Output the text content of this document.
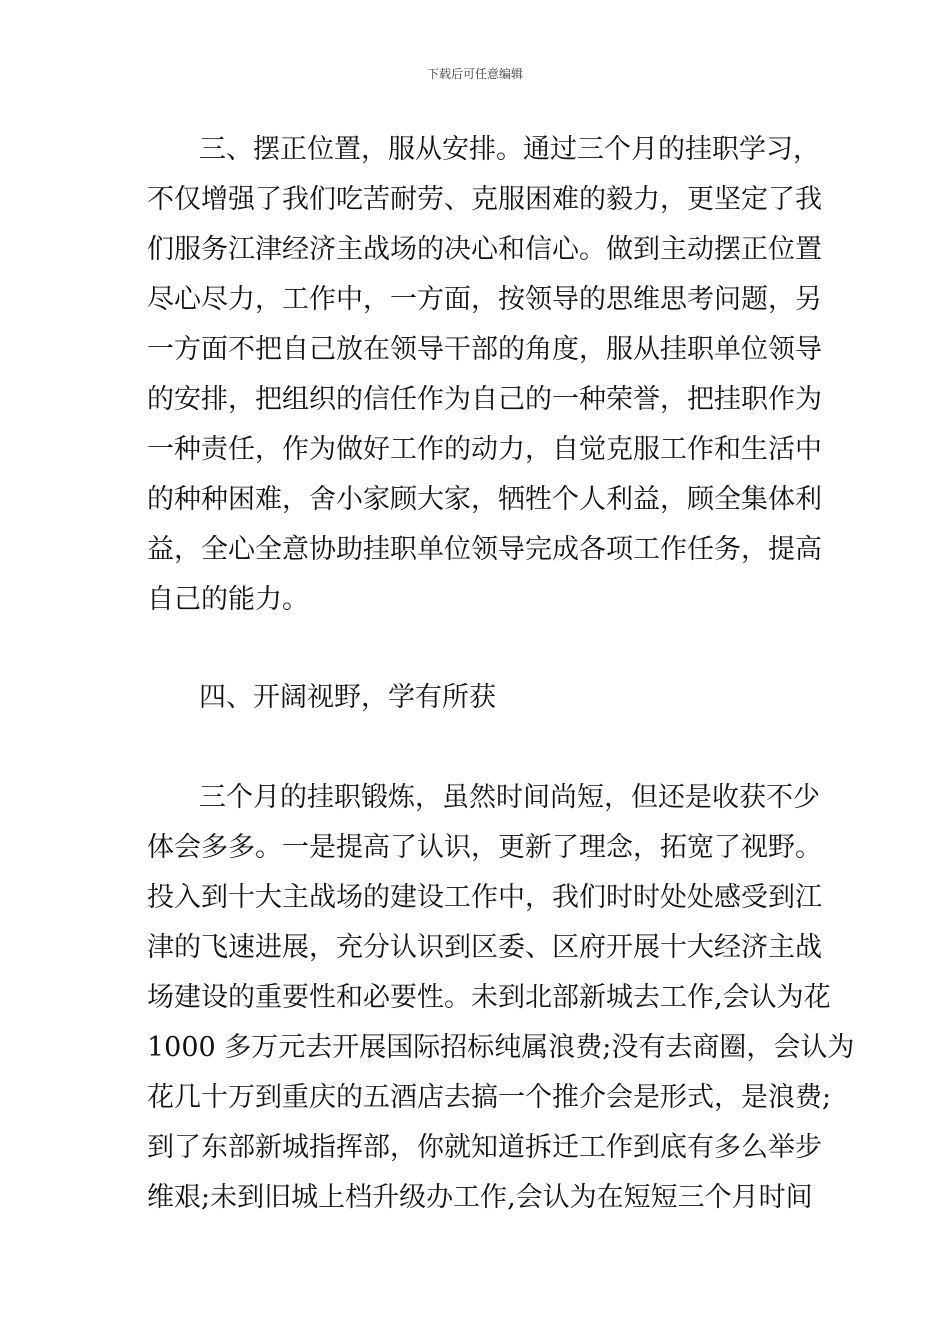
下载后可任意编辑
三、摆正位置，服从安排。通过三个月的挂职学习，
不仅增强了我们吃苦耐劳、克服困难的毅力，更坚定了我
们服务江津经济主战场的决心和信心。做到主动摆正位置
尽心尽力，工作中，一方面，按领导的思维思考问题，另
一方面不把自己放在领导干部的角度，服从挂职单位领导
的安排，把组织的信任作为自己的一种荣誉，把挂职作为
一种责任，作为做好工作的动力，自觉克服工作和生活中
的种种困难，舍小家顾大家，牺牲个人利益，顾全集体利
益，全心全意协助挂职单位领导完成各项工作任务，提高
自己的能力。
四、开阔视野，学有所获
三个月的挂职锻炼，虽然时间尚短，但还是收获不少
体会多多。一是提高了认识，更新了理念，拓宽了视野。
投入到十大主战场的建设工作中，我们时时处处感受到江
津的飞速进展，充分认识到区委、区府开展十大经济主战
场建设的重要性和必要性。未到北部新城去工作,会认为花
1000 多万元去开展国际招标纯属浪费;没有去商圈，会认为
花几十万到重庆的五酒店去搞一个推介会是形式，是浪费;
到了东部新城指挥部，你就知道拆迁工作到底有多么举步
维艰;未到旧城上档升级办工作,会认为在短短三个月时间
